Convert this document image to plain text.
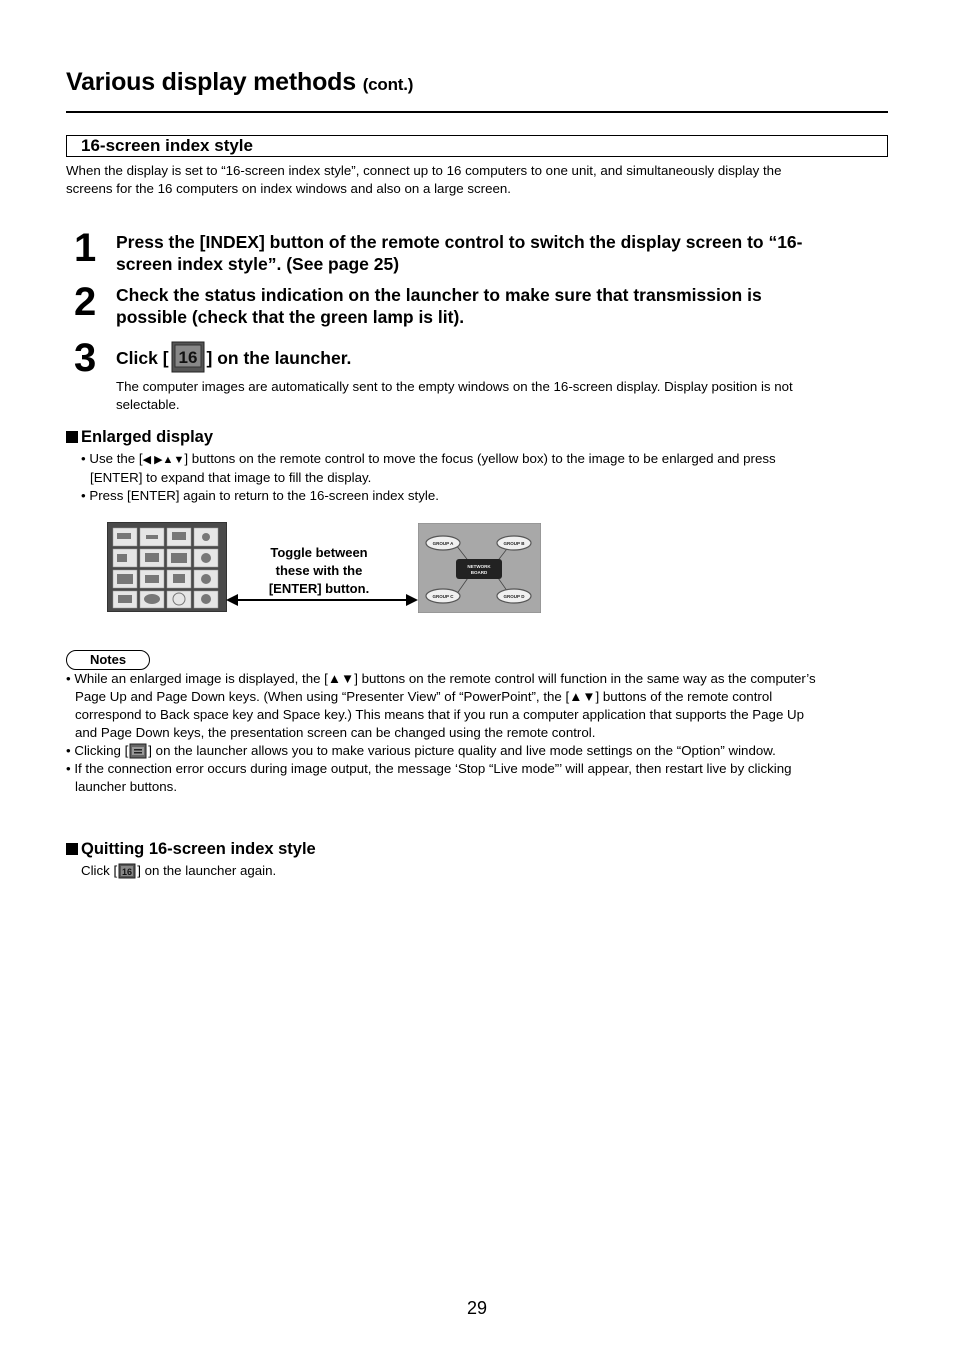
Various display methods (cont.)
16-screen index style
When the display is set to “16-screen index style”, connect up to 16 computers to one unit, and simultaneously display the
screens for the 16 computers on index windows and also on a large screen.
1 Press the [INDEX] button of the remote control to switch the display screen to “16-
screen index style”. (See page 25)
2 Check the status indication on the launcher to make sure that transmission is
possible (check that the green lamp is lit).
3 Click [ 16 ] on the launcher.
The computer images are automatically sent to the empty windows on the 16-screen display. Display position is not
selectable.
Enlarged display
• Use the [◀ ▶▲▼] buttons on the remote control to move the focus (yellow box) to the image to be enlarged and press
[ENTER] to expand that image to fill the display.
• Press [ENTER] again to return to the 16-screen index style.
Toggle between
these with the
[ENTER] button.
GROUP A	GROUP B
GROUP C	GROUP D
NETWORK
BOARD
Notes
• While an enlarged image is displayed, the [▲▼] buttons on the remote control will function in the same way as the computer’s
Page Up and Page Down keys. (When using “Presenter View” of “PowerPoint”, the [▲▼] buttons of the remote control
correspond to Back space key and Space key.) This means that if you run a computer application that supports the Page Up
and Page Down keys, the presentation screen can be changed using the remote control.
• Clicking [ ] on the launcher allows you to make various picture quality and live mode settings on the “Option” window.
• If the connection error occurs during image output, the message ‘Stop “Live mode”’ will appear, then restart live by clicking
launcher buttons.
Quitting 16-screen index style
Click [ 16 ] on the launcher again.
29
